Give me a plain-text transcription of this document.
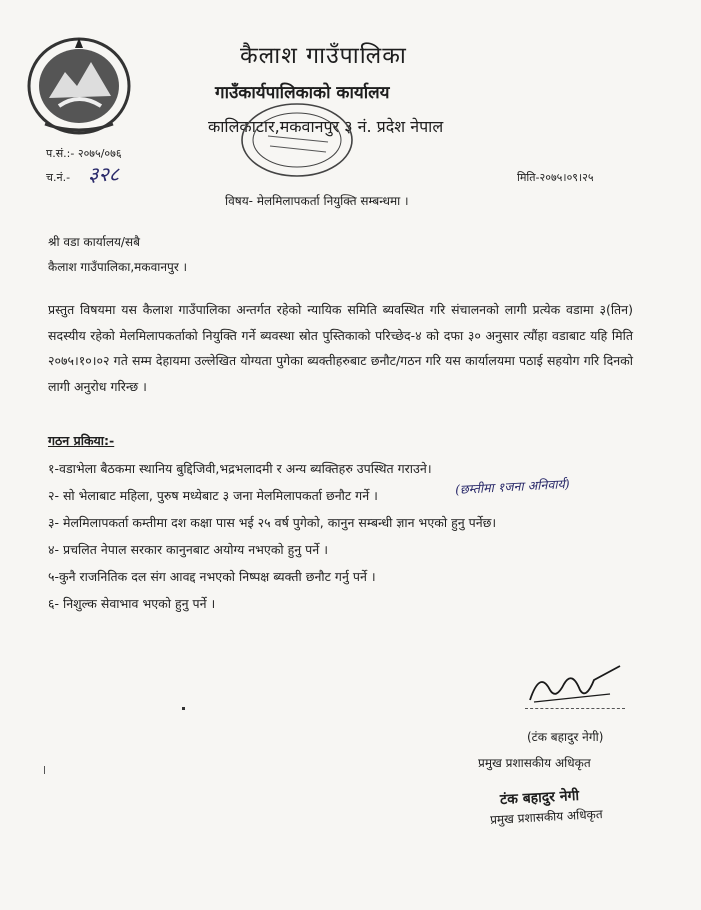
कैलाश गाउँपालिका
गाउँकार्यपालिकाको कार्यालय
कालिकाटार,मकवानपुर ३ नं. प्रदेश नेपाल
प.सं.:- २०७५/०७६
च.नं.- ३२८	मिति-२०७५।०९।२५
विषय- मेलमिलापकर्ता नियुक्ति सम्बन्धमा ।
श्री वडा कार्यालय/सबै
कैलाश गाउँपालिका,मकवानपुर ।
प्रस्तुत विषयमा यस कैलाश गाउँपालिका अन्तर्गत रहेको न्यायिक समिति ब्यवस्थित गरि संचालनको लागी प्रत्येक वडामा ३(तिन) सदस्यीय रहेको मेलमिलापकर्ताको नियुक्ति गर्ने ब्यवस्था स्रोत पुस्तिकाको परिच्छेद-४ को दफा ३० अनुसार त्यौंहा वडाबाट यहि मिति २०७५।१०।०२ गते सम्म देहायमा उल्लेखित योग्यता पुगेका ब्यक्तीहरुबाट छनौट/गठन गरि यस कार्यालयमा पठाई सहयोग गरि दिनको लागी अनुरोध गरिन्छ ।
गठन प्रकिया:-
१-वडाभेला बैठकमा स्थानिय बुद्दिजिवी,भद्रभलादमी र अन्य ब्यक्तिहरु उपस्थित गराउने।
२- सो भेलाबाट महिला, पुरुष मध्येबाट ३ जना मेलमिलापकर्ता छनौट गर्ने ।	(छम्तीमा १जना अनिवार्य)
३- मेलमिलापकर्ता कम्तीमा दश कक्षा पास भई २५ वर्ष पुगेको, कानुन सम्बन्धी ज्ञान भएको हुनु पर्नेछ।
४- प्रचलित नेपाल सरकार कानुनबाट अयोग्य नभएको हुनु पर्ने ।
५-कुनै राजनितिक दल संग आवद्द नभएको निष्पक्ष ब्यक्ती छनौट गर्नु पर्ने ।
६- निशुल्क सेवाभाव भएको हुनु पर्ने ।
(टंक बहादुर नेगी)
प्रमुख प्रशासकीय अधिकृत
टंक बहादुर नेगी
प्रमुख प्रशासकीय अधिकृत
